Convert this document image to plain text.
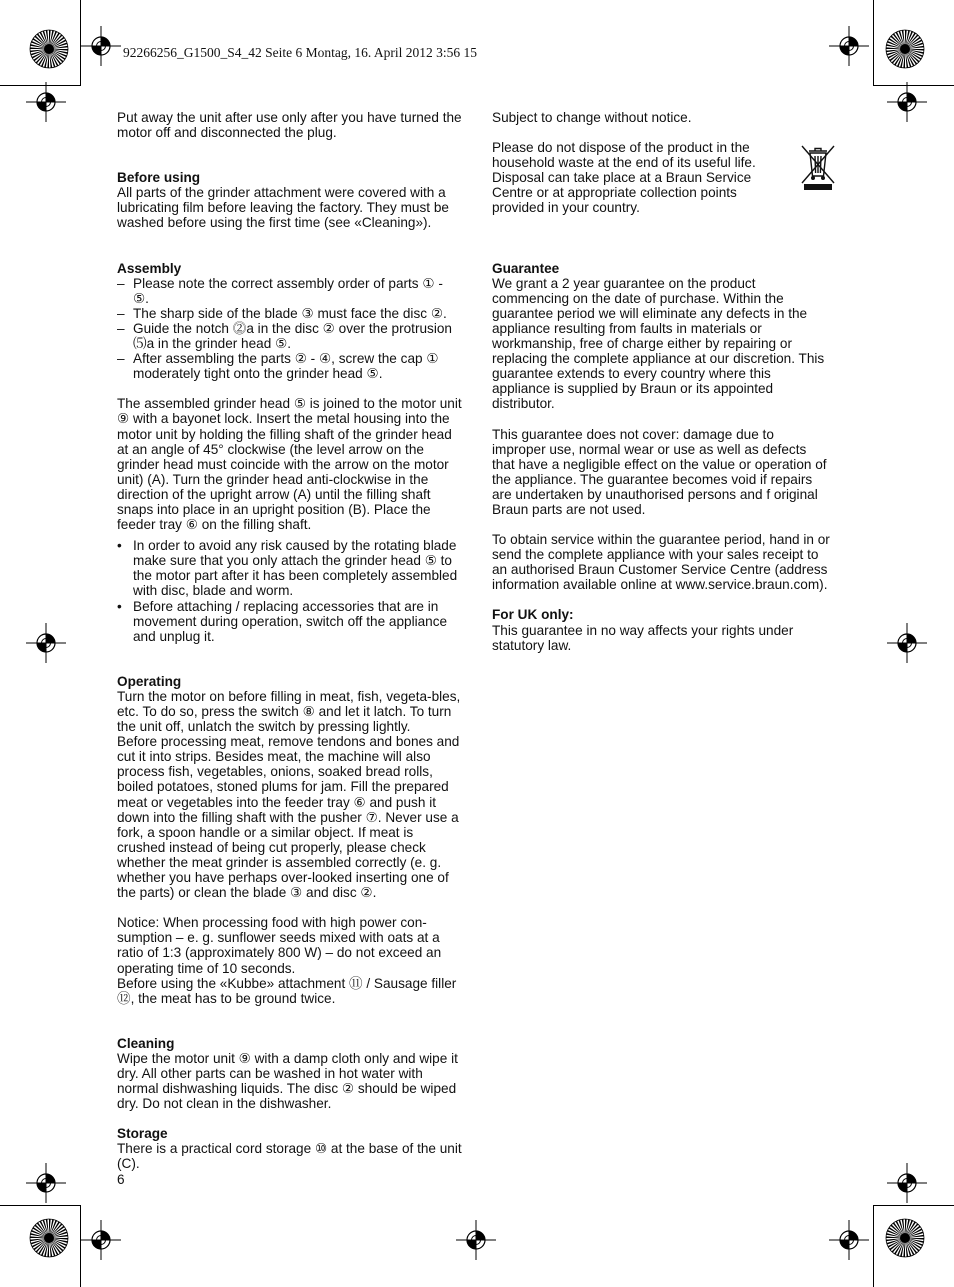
92266256_G1500_S4_42 Seite 6 Montag, 16. April 2012 3:56 15

Put away the unit after use only after you have turned the motor off and disconnected the plug.

Before using

All parts of the grinder attachment were covered with a lubricating film before leaving the factory. They must be washed before using the first time (see «Cleaning»).

Assembly

– Please note the correct assembly order of parts ① - ⑤.
– The sharp side of the blade ③ must face the disc ②.
– Guide the notch ⓶a in the disc ② over the protrusion ⑸a in the grinder head ⑤.
– After assembling the parts ② - ④, screw the cap ① moderately tight onto the grinder head ⑤.

The assembled grinder head ⑤ is joined to the motor unit ⑨ with a bayonet lock. Insert the metal housing into the motor unit by holding the filling shaft of the grinder head at an angle of 45° clockwise (the level arrow on the grinder head must coincide with the arrow on the motor unit) (A). Turn the grinder head anti-clockwise in the direction of the upright arrow (A) until the filling shaft snaps into place in an upright position (B). Place the feeder tray ⑥ on the filling shaft.

• In order to avoid any risk caused by the rotating blade make sure that you only attach the grinder head ⑤ to the motor part after it has been completely assembled with disc, blade and worm.
• Before attaching / replacing accessories that are in movement during operation, switch off the appliance and unplug it.

Operating

Turn the motor on before filling in meat, fish, vegeta-bles, etc. To do so, press the switch ⑧ and let it latch. To turn the unit off, unlatch the switch by pressing lightly.

Before processing meat, remove tendons and bones and cut it into strips. Besides meat, the machine will also process fish, vegetables, onions, soaked bread rolls, boiled potatoes, stoned plums for jam. Fill the prepared meat or vegetables into the feeder tray ⑥ and push it down into the filling shaft with the pusher ⑦. Never use a fork, a spoon handle or a similar object. If meat is crushed instead of being cut properly, please check whether the meat grinder is assembled correctly (e. g. whether you have perhaps over-looked inserting one of the parts) or clean the blade ③ and disc ②.

Notice: When processing food with high power con-sumption – e. g. sunflower seeds mixed with oats at a ratio of 1:3 (approximately 800 W) – do not exceed an operating time of 10 seconds.

Before using the «Kubbe» attachment ⑪ / Sausage filler ⑫, the meat has to be ground twice.

Cleaning

Wipe the motor unit ⑨ with a damp cloth only and wipe it dry. All other parts can be washed in hot water with normal dishwashing liquids. The disc ② should be wiped dry. Do not clean in the dishwasher.

Storage

There is a practical cord storage ⑩ at the base of the unit (C).

6

Subject to change without notice.

Please do not dispose of the product in the household waste at the end of its useful life. Disposal can take place at a Braun Service Centre or at appropriate collection points provided in your country.

Guarantee

We grant a 2 year guarantee on the product commencing on the date of purchase. Within the guarantee period we will eliminate any defects in the appliance resulting from faults in materials or workmanship, free of charge either by repairing or replacing the complete appliance at our discretion. This guarantee extends to every country where this appliance is supplied by Braun or its appointed distributor.

This guarantee does not cover: damage due to improper use, normal wear or use as well as defects that have a negligible effect on the value or operation of the appliance. The guarantee becomes void if repairs are undertaken by unauthorised persons and f original Braun parts are not used.

To obtain service within the guarantee period, hand in or send the complete appliance with your sales receipt to an authorised Braun Customer Service Centre (address information available online at www.service.braun.com).

For UK only:

This guarantee in no way affects your rights under statutory law.
